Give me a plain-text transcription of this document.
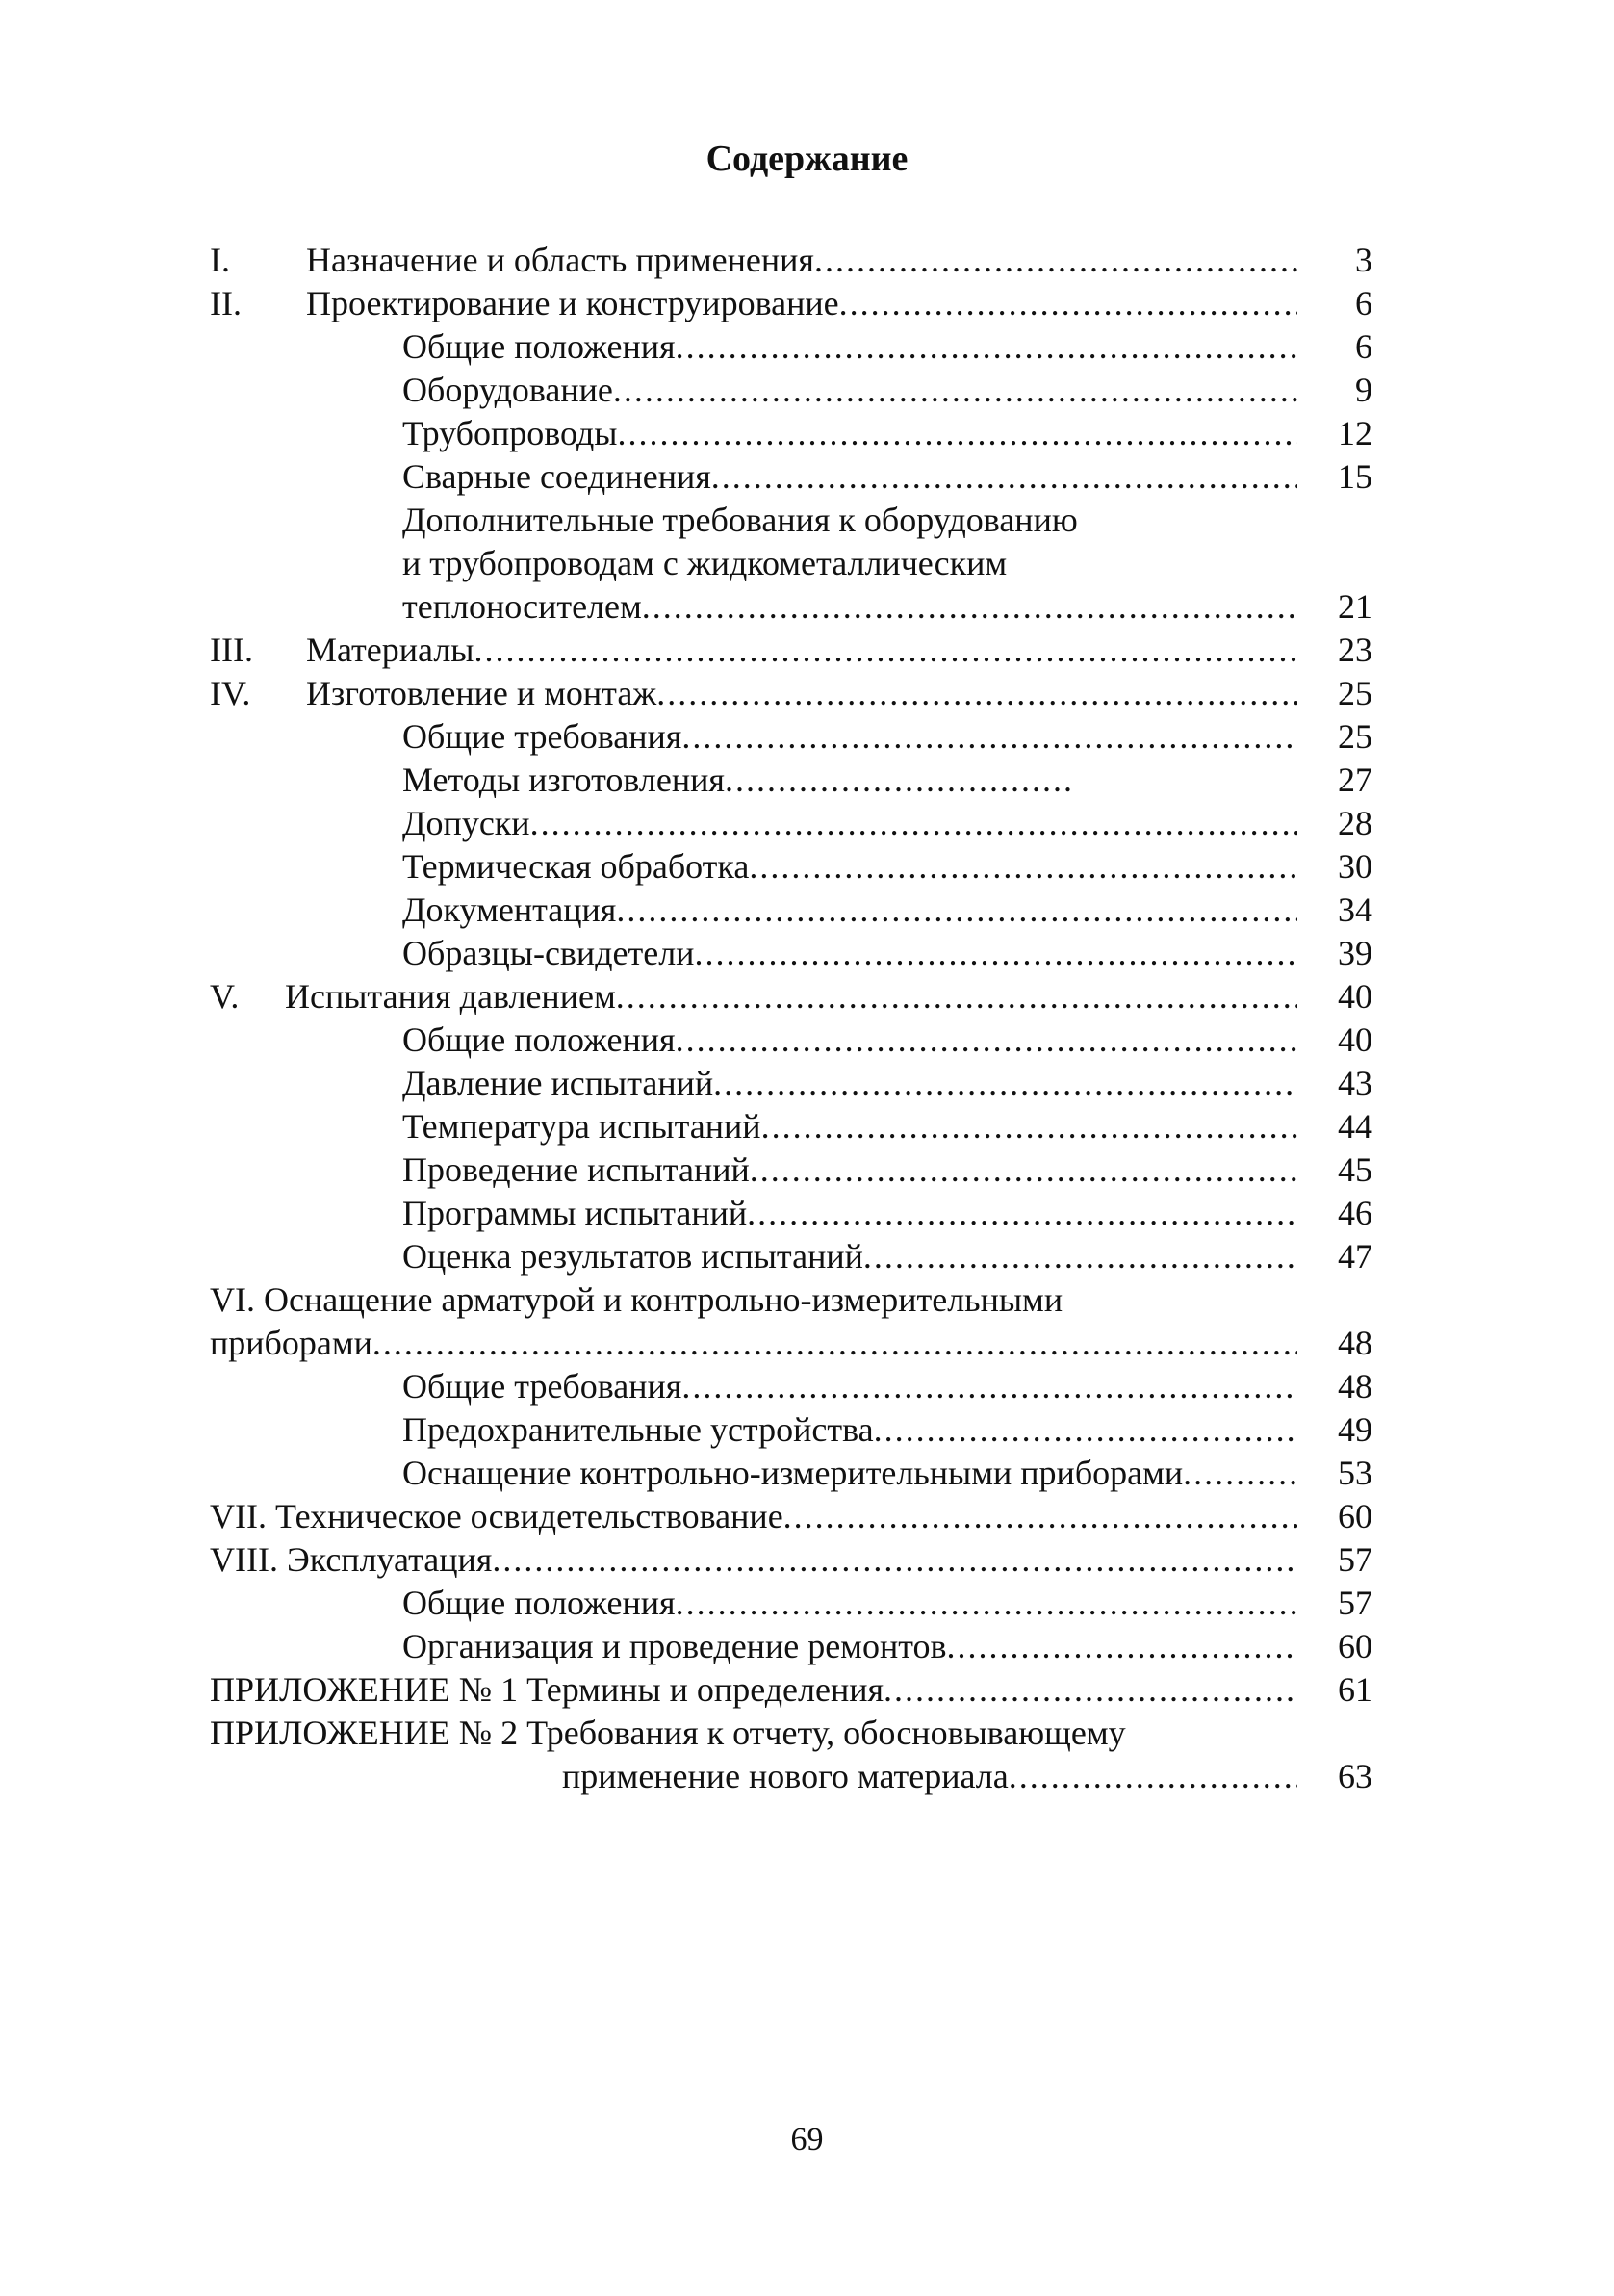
Содержание
I. Назначение и область применения .....	3
II. Проектирование и конструирование .....	6
Общие положения .....	6
Оборудование .....	9
Трубопроводы .....	12
Сварные соединения .....	15
Дополнительные требования к оборудованию
и трубопроводам с жидкометаллическим
теплоносителем .....	21
III. Материалы .....	23
IV. Изготовление и монтаж .....	25
Общие требования .....	25
Методы изготовления .....	27
Допуски .....	28
Термическая обработка .....	30
Документация .....	34
Образцы-свидетели .....	39
V. Испытания давлением .....	40
Общие положения .....	40
Давление испытаний .....	43
Температура испытаний .....	44
Проведение испытаний .....	45
Программы испытаний .....	46
Оценка результатов испытаний .....	47
VI. Оснащение арматурой и контрольно-измерительными
приборами .....	48
Общие требования .....	48
Предохранительные устройства .....	49
Оснащение контрольно-измерительными приборами .....	53
VII. Техническое освидетельствование .....	60
VIII. Эксплуатация .....	57
Общие положения .....	57
Организация и проведение ремонтов .....	60
ПРИЛОЖЕНИЕ № 1 Термины и определения .....	61
ПРИЛОЖЕНИЕ № 2 Требования к отчету, обосновывающему
применение нового материала .....	63
69
